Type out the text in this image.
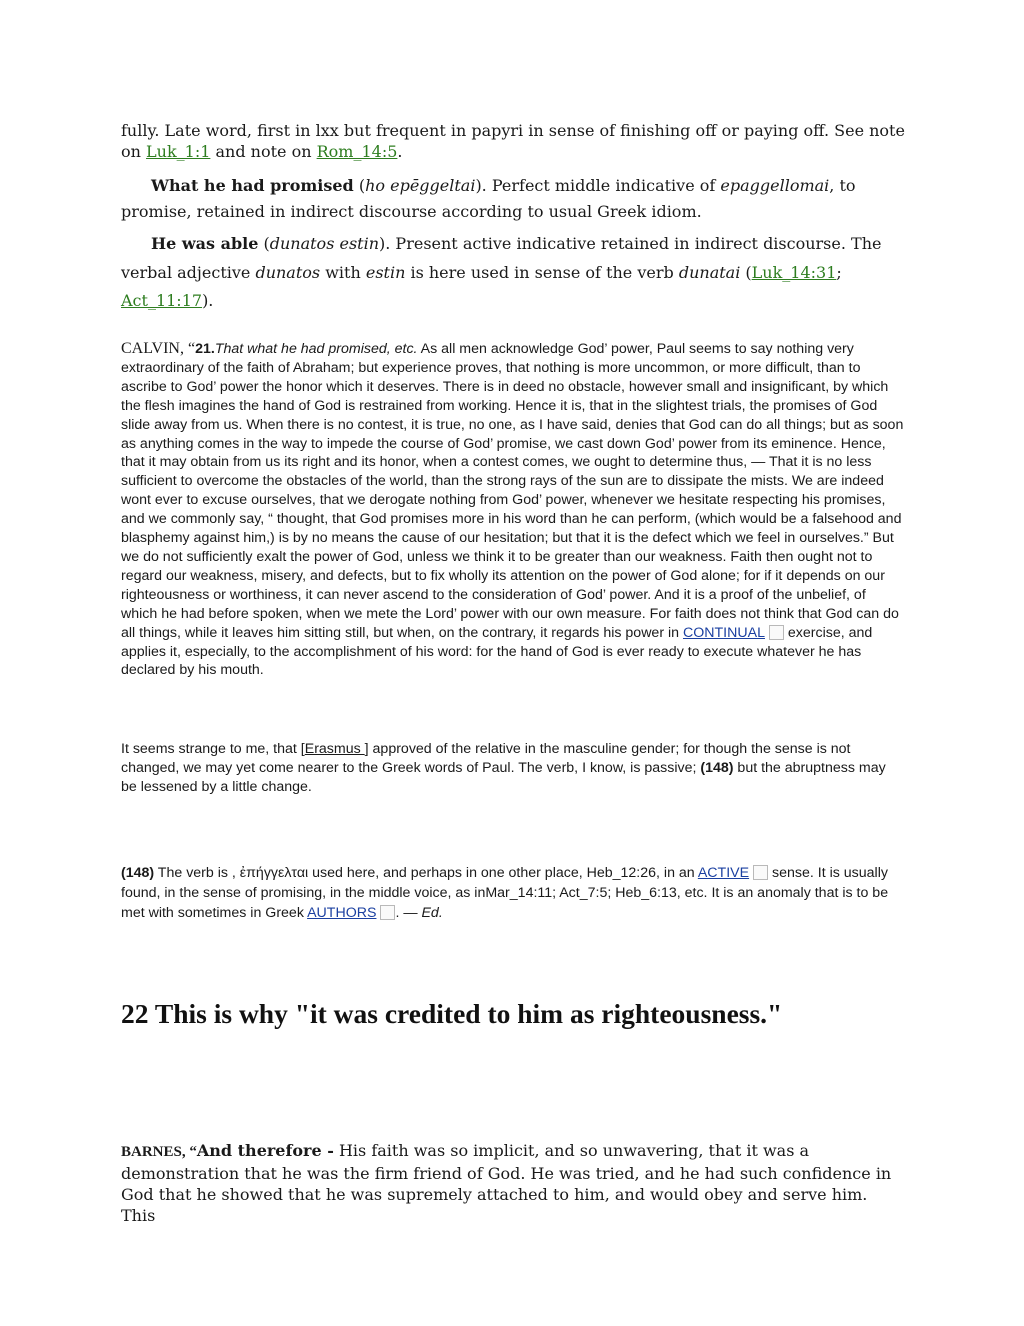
fully. Late word, first in lxx but frequent in papyri in sense of finishing off or paying off. See note on Luk_1:1 and note on Rom_14:5.

What he had promised (ho epēggeltai). Perfect middle indicative of epaggellomai, to promise, retained in indirect discourse according to usual Greek idiom.

He was able (dunatos estin). Present active indicative retained in indirect discourse. The verbal adjective dunatos with estin is here used in sense of the verb dunatai (Luk_14:31;
Act_11:17).

CALVIN, “21.That what he had promised, etc. As all men acknowledge God’ power, Paul seems to say nothing very extraordinary of the faith of Abraham; but experience proves, that nothing is more uncommon, or more difficult, than to ascribe to God’ power the honor which it deserves. There is in deed no obstacle, however small and insignificant, by which the flesh imagines the hand of God is restrained from working. Hence it is, that in the slightest trials, the promises of God slide away from us. When there is no contest, it is true, no one, as I have said, denies that God can do all things; but as soon as anything comes in the way to impede the course of God’ promise, we cast down God’ power from its eminence. Hence, that it may obtain from us its right and its honor, when a contest comes, we ought to determine thus, — That it is no less sufficient to overcome the obstacles of the world, than the strong rays of the sun are to dissipate the mists. We are indeed wont ever to excuse ourselves, that we derogate nothing from God’ power, whenever we hesitate respecting his promises, and we commonly say, “ thought, that God promises more in his word than he can perform, (which would be a falsehood and blasphemy against him,) is by no means the cause of our hesitation; but that it is the defect which we feel in ourselves.” But we do not sufficiently exalt the power of God, unless we think it to be greater than our weakness. Faith then ought not to regard our weakness, misery, and defects, but to fix wholly its attention on the power of God alone; for if it depends on our righteousness or worthiness, it can never ascend to the consideration of God’ power. And it is a proof of the unbelief, of which he had before spoken, when we mete the Lord’ power with our own measure. For faith does not think that God can do all things, while it leaves him sitting still, but when, on the contrary, it regards his power in CONTINUAL exercise, and applies it, especially, to the accomplishment of his word: for the hand of God is ever ready to execute whatever he has declared by his mouth.

It seems strange to me, that [Erasmus ] approved of the relative in the masculine gender; for though the sense is not changed, we may yet come nearer to the Greek words of Paul. The verb, I know, is passive; (148) but the abruptness may be lessened by a little change.

(148) The verb is , ἐπήγγελται used here, and perhaps in one other place, Heb_12:26, in an ACTIVE sense. It is usually found, in the sense of promising, in the middle voice, as inMar_14:11; Act_7:5; Heb_6:13, etc. It is an anomaly that is to be met with sometimes in Greek AUTHORS . — Ed.

22 This is why "it was credited to him as righteousness."

BARNES, “And therefore - His faith was so implicit, and so unwavering, that it was a demonstration that he was the firm friend of God. He was tried, and he had such confidence in God that he showed that he was supremely attached to him, and would obey and serve him. This
